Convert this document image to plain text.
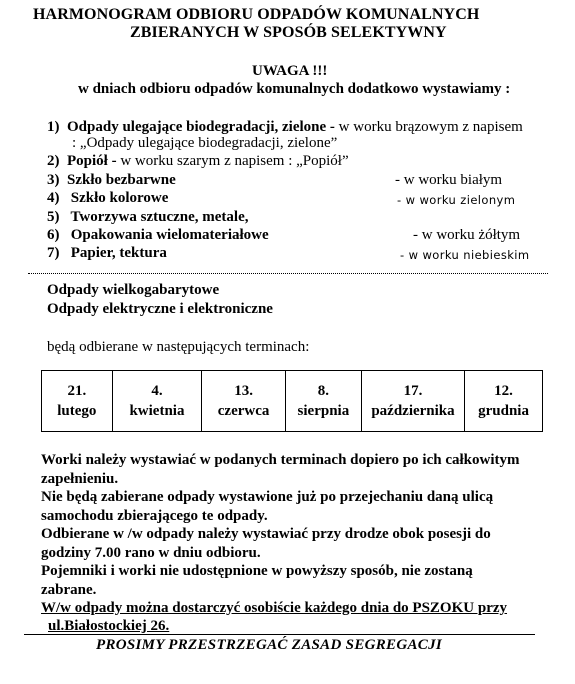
HARMONOGRAM ODBIORU ODPADÓW KOMUNALNYCH
ZBIERANYCH W SPOSÓB SELEKTYWNY
UWAGA !!!
w dniach odbioru odpadów komunalnych dodatkowo wystawiamy :
1) Odpady ulegające biodegradacji, zielone - w worku brązowym z napisem
: „Odpady ulegające biodegradacji, zielone”
2) Popiół - w worku szarym z napisem : „Popiół”
3) Szkło bezbarwne	- w worku białym
4) Szkło kolorowe	- w worku zielonym
5) Tworzywa sztuczne, metale,
6) Opakowania wielomateriałowe	- w worku żółtym
7) Papier, tektura	- w worku niebieskim
Odpady wielkogabarytowe
Odpady elektryczne i elektroniczne
będą odbierane w następujących terminach:
21.
lutego

4.
kwietnia

13.
czerwca

8.
sierpnia

17.
października

12.
grudnia
Worki należy wystawiać w podanych terminach dopiero po ich całkowitym
zapełnieniu.
Nie będą zabierane odpady wystawione już po przejechaniu daną ulicą
samochodu zbierającego te odpady.
Odbierane w /w odpady należy wystawiać przy drodze obok posesji do
godziny 7.00 rano w dniu odbioru.
Pojemniki i worki nie udostępnione w powyższy sposób, nie zostaną
zabrane.
W/w odpady można dostarczyć osobiście każdego dnia do PSZOKU przy
ul.Białostockiej 26.
PROSIMY PRZESTRZEGAĆ ZASAD SEGREGACJI
